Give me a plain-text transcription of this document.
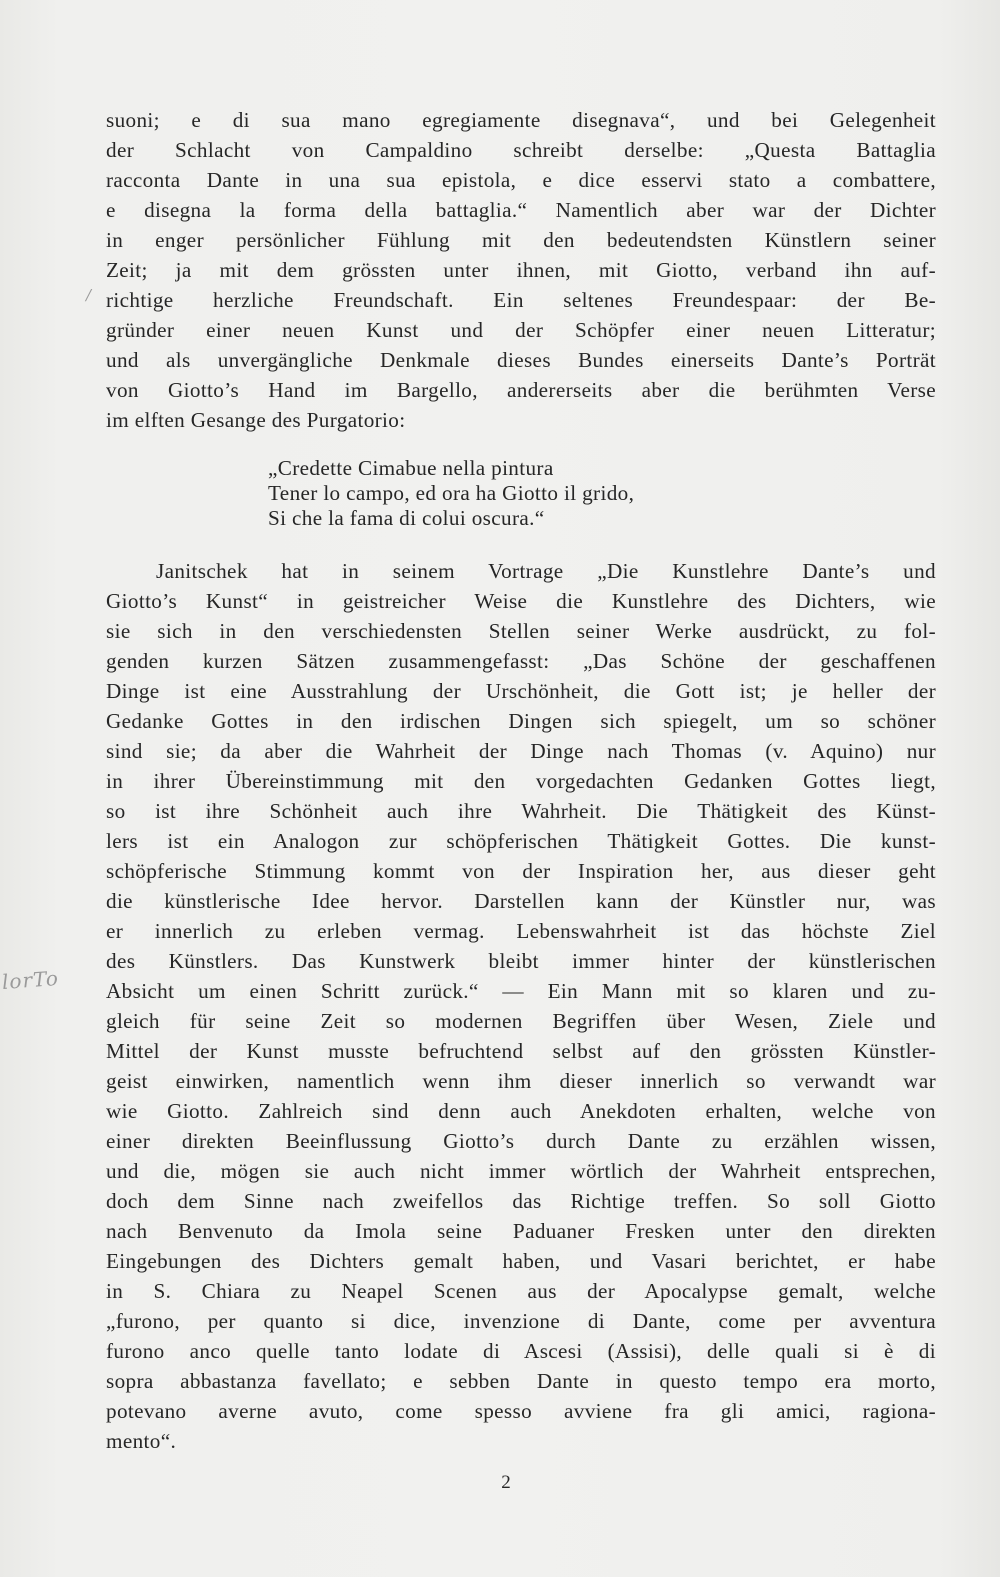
suoni; e di sua mano egregiamente disegnava“, und bei Gelegenheit
der Schlacht von Campaldino schreibt derselbe: „Questa Battaglia
racconta Dante in una sua epistola, e dice esservi stato a combattere,
e disegna la forma della battaglia.“ Namentlich aber war der Dichter
in enger persönlicher Fühlung mit den bedeutendsten Künstlern seiner
Zeit; ja mit dem grössten unter ihnen, mit Giotto, verband ihn auf-
richtige herzliche Freundschaft. Ein seltenes Freundespaar: der Be-
gründer einer neuen Kunst und der Schöpfer einer neuen Litteratur;
und als unvergängliche Denkmale dieses Bundes einerseits Dante’s Porträt
von Giotto’s Hand im Bargello, andererseits aber die berühmten Verse
im elften Gesange des Purgatorio:
„Credette Cimabue nella pintura
Tener lo campo, ed ora ha Giotto il grido,
Si che la fama di colui oscura.“
Janitschek hat in seinem Vortrage „Die Kunstlehre Dante’s und
Giotto’s Kunst“ in geistreicher Weise die Kunstlehre des Dichters, wie
sie sich in den verschiedensten Stellen seiner Werke ausdrückt, zu fol-
genden kurzen Sätzen zusammengefasst: „Das Schöne der geschaffenen
Dinge ist eine Ausstrahlung der Urschönheit, die Gott ist; je heller der
Gedanke Gottes in den irdischen Dingen sich spiegelt, um so schöner
sind sie; da aber die Wahrheit der Dinge nach Thomas (v. Aquino) nur
in ihrer Übereinstimmung mit den vorgedachten Gedanken Gottes liegt,
so ist ihre Schönheit auch ihre Wahrheit. Die Thätigkeit des Künst-
lers ist ein Analogon zur schöpferischen Thätigkeit Gottes. Die kunst-
schöpferische Stimmung kommt von der Inspiration her, aus dieser geht
die künstlerische Idee hervor. Darstellen kann der Künstler nur, was
er innerlich zu erleben vermag. Lebenswahrheit ist das höchste Ziel
des Künstlers. Das Kunstwerk bleibt immer hinter der künstlerischen
Absicht um einen Schritt zurück.“ — Ein Mann mit so klaren und zu-
gleich für seine Zeit so modernen Begriffen über Wesen, Ziele und
Mittel der Kunst musste befruchtend selbst auf den grössten Künstler-
geist einwirken, namentlich wenn ihm dieser innerlich so verwandt war
wie Giotto. Zahlreich sind denn auch Anekdoten erhalten, welche von
einer direkten Beeinflussung Giotto’s durch Dante zu erzählen wissen,
und die, mögen sie auch nicht immer wörtlich der Wahrheit entsprechen,
doch dem Sinne nach zweifellos das Richtige treffen. So soll Giotto
nach Benvenuto da Imola seine Paduaner Fresken unter den direkten
Eingebungen des Dichters gemalt haben, und Vasari berichtet, er habe
in S. Chiara zu Neapel Scenen aus der Apocalypse gemalt, welche
„furono, per quanto si dice, invenzione di Dante, come per avventura
furono anco quelle tanto lodate di Ascesi (Assisi), delle quali si è di
sopra abbastanza favellato; e sebben Dante in questo tempo era morto,
potevano averne avuto, come spesso avviene fra gli amici, ragiona-
mento“.
2
/
lorTo
